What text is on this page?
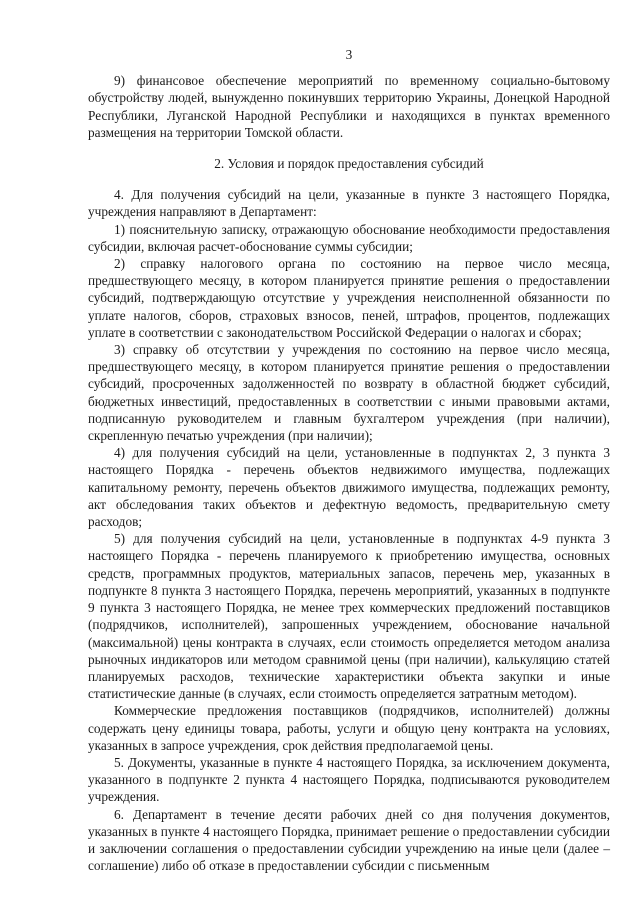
3

9) финансовое обеспечение мероприятий по временному социально-бытовому обустройству людей, вынужденно покинувших территорию Украины, Донецкой Народной Республики, Луганской Народной Республики и находящихся в пунктах временного размещения на территории Томской области.

2. Условия и порядок предоставления субсидий

4. Для получения субсидий на цели, указанные в пункте 3 настоящего Порядка, учреждения направляют в Департамент:

1) пояснительную записку, отражающую обоснование необходимости предоставления субсидии, включая расчет-обоснование суммы субсидии;

2) справку налогового органа по состоянию на первое число месяца, предшествующего месяцу, в котором планируется принятие решения о предоставлении субсидий, подтверждающую отсутствие у учреждения неисполненной обязанности по уплате налогов, сборов, страховых взносов, пеней, штрафов, процентов, подлежащих уплате в соответствии с законодательством Российской Федерации о налогах и сборах;

3) справку об отсутствии у учреждения по состоянию на первое число месяца, предшествующего месяцу, в котором планируется принятие решения о предоставлении субсидий, просроченных задолженностей по возврату в областной бюджет субсидий, бюджетных инвестиций, предоставленных в соответствии с иными правовыми актами, подписанную руководителем и главным бухгалтером учреждения (при наличии), скрепленную печатью учреждения (при наличии);

4) для получения субсидий на цели, установленные в подпунктах 2, 3 пункта 3 настоящего Порядка - перечень объектов недвижимого имущества, подлежащих капитальному ремонту, перечень объектов движимого имущества, подлежащих ремонту, акт обследования таких объектов и дефектную ведомость, предварительную смету расходов;

5) для получения субсидий на цели, установленные в подпунктах 4-9 пункта 3 настоящего Порядка - перечень планируемого к приобретению имущества, основных средств, программных продуктов, материальных запасов, перечень мер, указанных в подпункте 8 пункта 3 настоящего Порядка, перечень мероприятий, указанных в подпункте 9 пункта 3 настоящего Порядка, не менее трех коммерческих предложений поставщиков (подрядчиков, исполнителей), запрошенных учреждением, обоснование начальной (максимальной) цены контракта в случаях, если стоимость определяется методом анализа рыночных индикаторов или методом сравнимой цены (при наличии), калькуляцию статей планируемых расходов, технические характеристики объекта закупки и иные статистические данные (в случаях, если стоимость определяется затратным методом).

Коммерческие предложения поставщиков (подрядчиков, исполнителей) должны содержать цену единицы товара, работы, услуги и общую цену контракта на условиях, указанных в запросе учреждения, срок действия предполагаемой цены.

5. Документы, указанные в пункте 4 настоящего Порядка, за исключением документа, указанного в подпункте 2 пункта 4 настоящего Порядка, подписываются руководителем учреждения.

6. Департамент в течение десяти рабочих дней со дня получения документов, указанных в пункте 4 настоящего Порядка, принимает решение о предоставлении субсидии и заключении соглашения о предоставлении субсидии учреждению на иные цели (далее – соглашение) либо об отказе в предоставлении субсидии с письменным
